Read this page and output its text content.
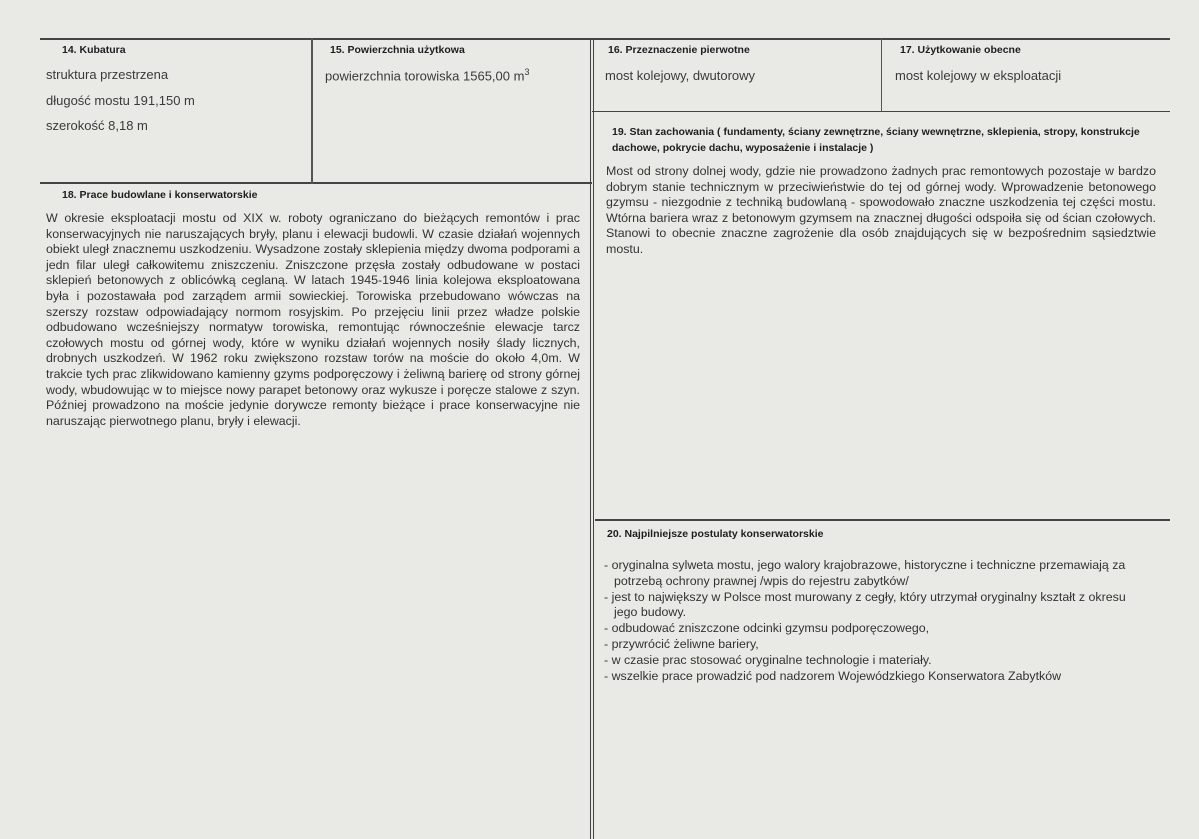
14. Kubatura
struktura przestrzena
długość mostu 191,150 m
szerokość 8,18 m
15. Powierzchnia użytkowa
powierzchnia torowiska 1565,00 $m^3$
16. Przeznaczenie pierwotne
most kolejowy, dwutorowy
17. Użytkowanie obecne
most kolejowy w eksploatacji
19. Stan zachowania ( fundamenty, ściany zewnętrzne, ściany wewnętrzne, sklepienia, stropy, konstrukcje dachowe, pokrycie dachu, wyposażenie i instalacje )
Most od strony dolnej wody, gdzie nie prowadzono żadnych prac remontowych pozostaje w bardzo dobrym stanie technicznym w przeciwieństwie do tej od górnej wody. Wprowadzenie betonowego gzymsu - niezgodnie z techniką budowlaną - spowodowało znaczne uszkodzenia tej części mostu. Wtórna bariera wraz z betonowym gzymsem na znacznej długości odspoiła się od ścian czołowych. Stanowi to obecnie znaczne zagrożenie dla osób znajdujących się w bezpośrednim sąsiedztwie mostu.
18. Prace budowlane i konserwatorskie
W okresie eksploatacji mostu od XIX w. roboty ograniczano do bieżących remontów i prac konserwacyjnych nie naruszających bryły, planu i elewacji budowli. W czasie działań wojennych obiekt uległ znacznemu uszkodzeniu. Wysadzone zostały sklepienia między dwoma podporami a jedn filar uległ całkowitemu zniszczeniu. Zniszczone przęsła zostały odbudowane w postaci sklepień betonowych z oblicówką ceglaną. W latach 1945-1946 linia kolejowa eksploatowana była i pozostawała pod zarządem armii sowieckiej. Torowiska przebudowano wówczas na szerszy rozstaw odpowiadający normom rosyjskim. Po przejęciu linii przez władze polskie odbudowano wcześniejszy normatyw torowiska, remontując równocześnie elewacje tarcz czołowych mostu od górnej wody, które w wyniku działań wojennych nosiły ślady licznych, drobnych uszkodzeń. W 1962 roku zwiększono rozstaw torów na moście do około 4,0m. W trakcie tych prac zlikwidowano kamienny gzyms podporęczowy i żeliwną barierę od strony górnej wody, wbudowując w to miejsce nowy parapet betonowy oraz wykusze i poręcze stalowe z szyn. Później prowadzono na moście jedynie dorywcze remonty bieżące i prace konserwacyjne nie naruszając pierwotnego planu, bryły i elewacji.
20. Najpilniejsze postulaty konserwatorskie
- oryginalna sylweta mostu, jego walory krajobrazowe, historyczne i techniczne przemawiają za potrzebą ochrony prawnej /wpis do rejestru zabytków/
- jest to największy w Polsce most murowany z cegły, który utrzymał oryginalny kształt z okresu jego budowy.
- odbudować zniszczone odcinki gzymsu podporęczowego,
- przywrócić żeliwne bariery,
- w czasie prac stosować oryginalne technologie i materiały.
- wszelkie prace prowadzić pod nadzorem Wojewódzkiego Konserwatora Zabytków
